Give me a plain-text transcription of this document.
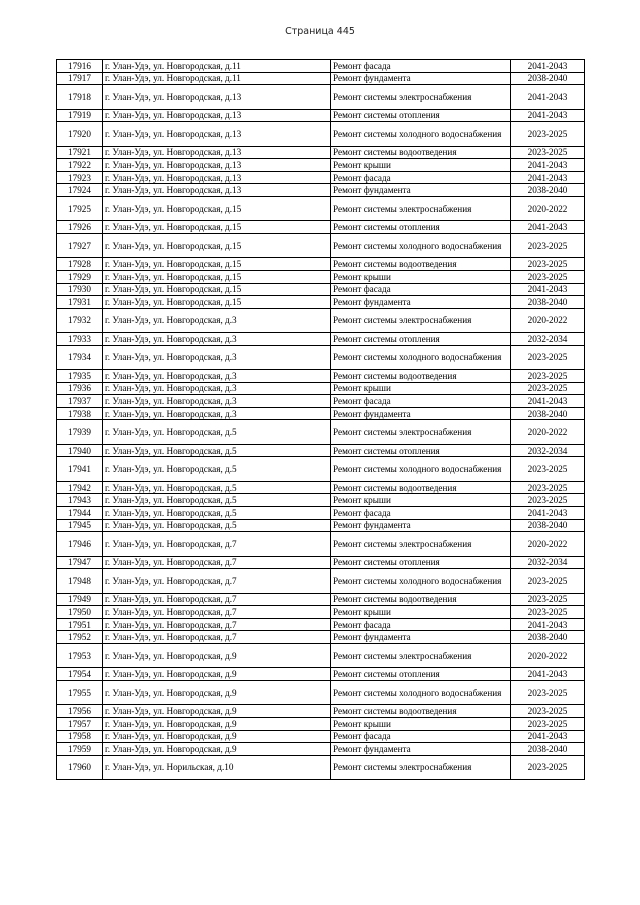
Страница 445
17916	г. Улан-Удэ, ул. Новгородская, д.11	Ремонт фасада	2041-2043
17917	г. Улан-Удэ, ул. Новгородская, д.11	Ремонт фундамента	2038-2040
17918	г. Улан-Удэ, ул. Новгородская, д.13	Ремонт системы электроснабжения	2041-2043
17919	г. Улан-Удэ, ул. Новгородская, д.13	Ремонт системы отопления	2041-2043
17920	г. Улан-Удэ, ул. Новгородская, д.13	Ремонт системы холодного водоснабжения	2023-2025
17921	г. Улан-Удэ, ул. Новгородская, д.13	Ремонт системы водоотведения	2023-2025
17922	г. Улан-Удэ, ул. Новгородская, д.13	Ремонт крыши	2041-2043
17923	г. Улан-Удэ, ул. Новгородская, д.13	Ремонт фасада	2041-2043
17924	г. Улан-Удэ, ул. Новгородская, д.13	Ремонт фундамента	2038-2040
17925	г. Улан-Удэ, ул. Новгородская, д.15	Ремонт системы электроснабжения	2020-2022
17926	г. Улан-Удэ, ул. Новгородская, д.15	Ремонт системы отопления	2041-2043
17927	г. Улан-Удэ, ул. Новгородская, д.15	Ремонт системы холодного водоснабжения	2023-2025
17928	г. Улан-Удэ, ул. Новгородская, д.15	Ремонт системы водоотведения	2023-2025
17929	г. Улан-Удэ, ул. Новгородская, д.15	Ремонт крыши	2023-2025
17930	г. Улан-Удэ, ул. Новгородская, д.15	Ремонт фасада	2041-2043
17931	г. Улан-Удэ, ул. Новгородская, д.15	Ремонт фундамента	2038-2040
17932	г. Улан-Удэ, ул. Новгородская, д.3	Ремонт системы электроснабжения	2020-2022
17933	г. Улан-Удэ, ул. Новгородская, д.3	Ремонт системы отопления	2032-2034
17934	г. Улан-Удэ, ул. Новгородская, д.3	Ремонт системы холодного водоснабжения	2023-2025
17935	г. Улан-Удэ, ул. Новгородская, д.3	Ремонт системы водоотведения	2023-2025
17936	г. Улан-Удэ, ул. Новгородская, д.3	Ремонт крыши	2023-2025
17937	г. Улан-Удэ, ул. Новгородская, д.3	Ремонт фасада	2041-2043
17938	г. Улан-Удэ, ул. Новгородская, д.3	Ремонт фундамента	2038-2040
17939	г. Улан-Удэ, ул. Новгородская, д.5	Ремонт системы электроснабжения	2020-2022
17940	г. Улан-Удэ, ул. Новгородская, д.5	Ремонт системы отопления	2032-2034
17941	г. Улан-Удэ, ул. Новгородская, д.5	Ремонт системы холодного водоснабжения	2023-2025
17942	г. Улан-Удэ, ул. Новгородская, д.5	Ремонт системы водоотведения	2023-2025
17943	г. Улан-Удэ, ул. Новгородская, д.5	Ремонт крыши	2023-2025
17944	г. Улан-Удэ, ул. Новгородская, д.5	Ремонт фасада	2041-2043
17945	г. Улан-Удэ, ул. Новгородская, д.5	Ремонт фундамента	2038-2040
17946	г. Улан-Удэ, ул. Новгородская, д.7	Ремонт системы электроснабжения	2020-2022
17947	г. Улан-Удэ, ул. Новгородская, д.7	Ремонт системы отопления	2032-2034
17948	г. Улан-Удэ, ул. Новгородская, д.7	Ремонт системы холодного водоснабжения	2023-2025
17949	г. Улан-Удэ, ул. Новгородская, д.7	Ремонт системы водоотведения	2023-2025
17950	г. Улан-Удэ, ул. Новгородская, д.7	Ремонт крыши	2023-2025
17951	г. Улан-Удэ, ул. Новгородская, д.7	Ремонт фасада	2041-2043
17952	г. Улан-Удэ, ул. Новгородская, д.7	Ремонт фундамента	2038-2040
17953	г. Улан-Удэ, ул. Новгородская, д.9	Ремонт системы электроснабжения	2020-2022
17954	г. Улан-Удэ, ул. Новгородская, д.9	Ремонт системы отопления	2041-2043
17955	г. Улан-Удэ, ул. Новгородская, д.9	Ремонт системы холодного водоснабжения	2023-2025
17956	г. Улан-Удэ, ул. Новгородская, д.9	Ремонт системы водоотведения	2023-2025
17957	г. Улан-Удэ, ул. Новгородская, д.9	Ремонт крыши	2023-2025
17958	г. Улан-Удэ, ул. Новгородская, д.9	Ремонт фасада	2041-2043
17959	г. Улан-Удэ, ул. Новгородская, д.9	Ремонт фундамента	2038-2040
17960	г. Улан-Удэ, ул. Норильская, д.10	Ремонт системы электроснабжения	2023-2025
